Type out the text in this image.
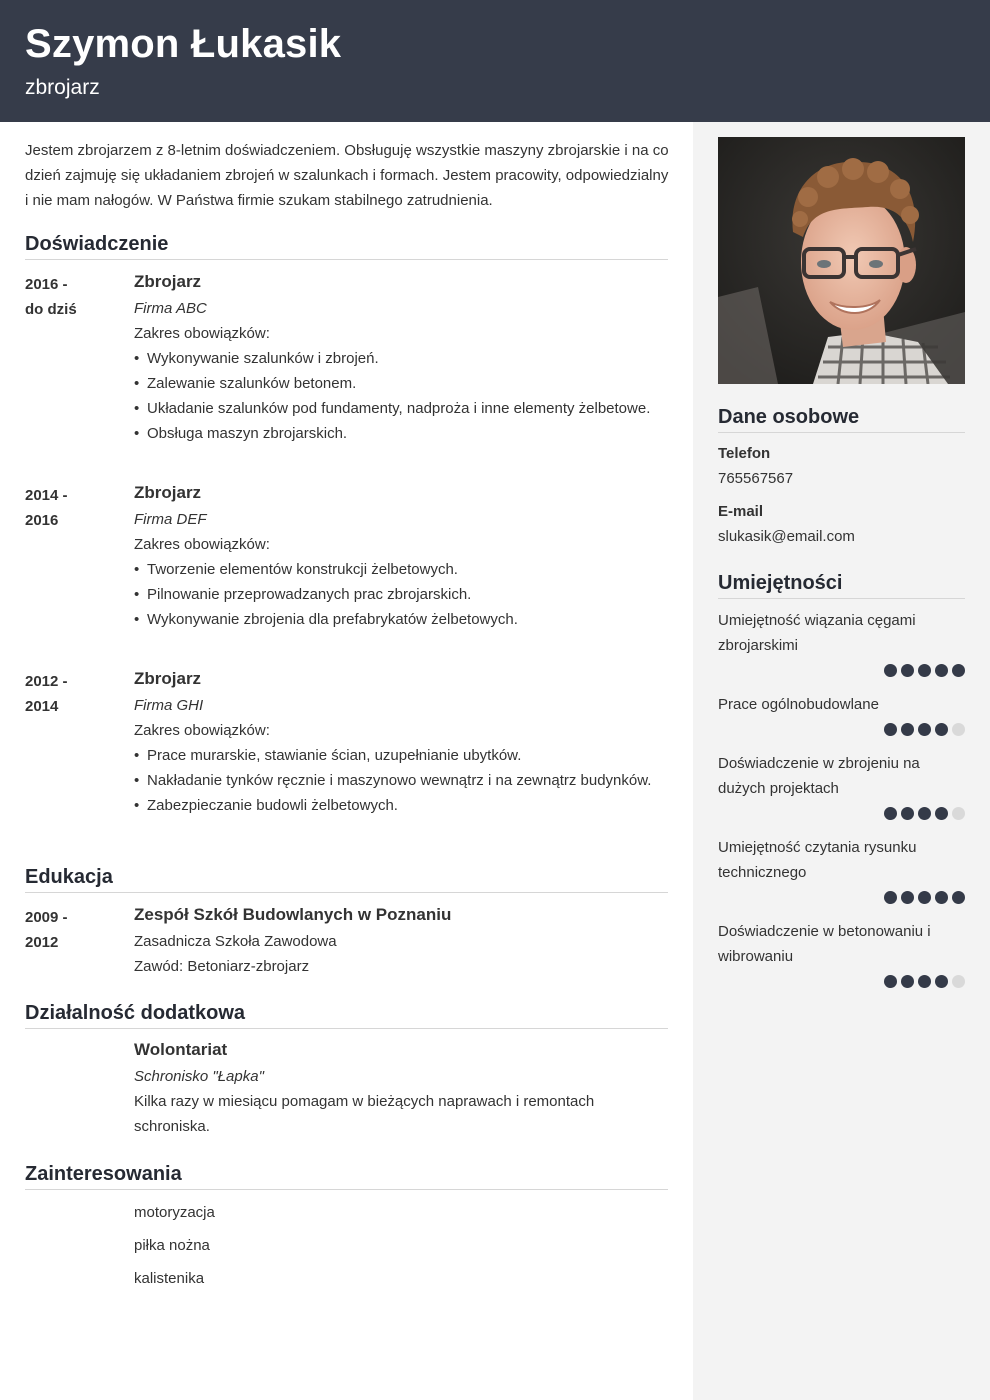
Szymon Łukasik
zbrojarz

Jestem zbrojarzem z 8-letnim doświadczeniem. Obsługuję wszystkie maszyny zbrojarskie i na co dzień zajmuję się układaniem zbrojeń w szalunkach i formach. Jestem pracowity, odpowiedzialny i nie mam nałogów. W Państwa firmie szukam stabilnego zatrudnienia.

Doświadczenie
2016 -
do dziś
Zbrojarz
Firma ABC
Zakres obowiązków:
• Wykonywanie szalunków i zbrojeń.
• Zalewanie szalunków betonem.
• Układanie szalunków pod fundamenty, nadproża i inne elementy żelbetowe.
• Obsługa maszyn zbrojarskich.
2014 -
2016
Zbrojarz
Firma DEF
Zakres obowiązków:
• Tworzenie elementów konstrukcji żelbetowych.
• Pilnowanie przeprowadzanych prac zbrojarskich.
• Wykonywanie zbrojenia dla prefabrykatów żelbetowych.
2012 -
2014
Zbrojarz
Firma GHI
Zakres obowiązków:
• Prace murarskie, stawianie ścian, uzupełnianie ubytków.
• Nakładanie tynków ręcznie i maszynowo wewnątrz i na zewnątrz budynków.
• Zabezpieczanie budowli żelbetowych.
Edukacja
2009 -
2012
Zespół Szkół Budowlanych w Poznaniu
Zasadnicza Szkoła Zawodowa
Zawód: Betoniarz-zbrojarz
Działalność dodatkowa
Wolontariat
Schronisko "Łapka"
Kilka razy w miesiącu pomagam w bieżących naprawach i remontach schroniska.
Zainteresowania
motoryzacja
piłka nożna
kalistenika
Dane osobowe
Telefon
765567567
E-mail
slukasik@email.com
Umiejętności
Umiejętność wiązania cęgami zbrojarskimi
Prace ogólnobudowlane
Doświadczenie w zbrojeniu na dużych projektach
Umiejętność czytania rysunku technicznego
Doświadczenie w betonowaniu i wibrowaniu
